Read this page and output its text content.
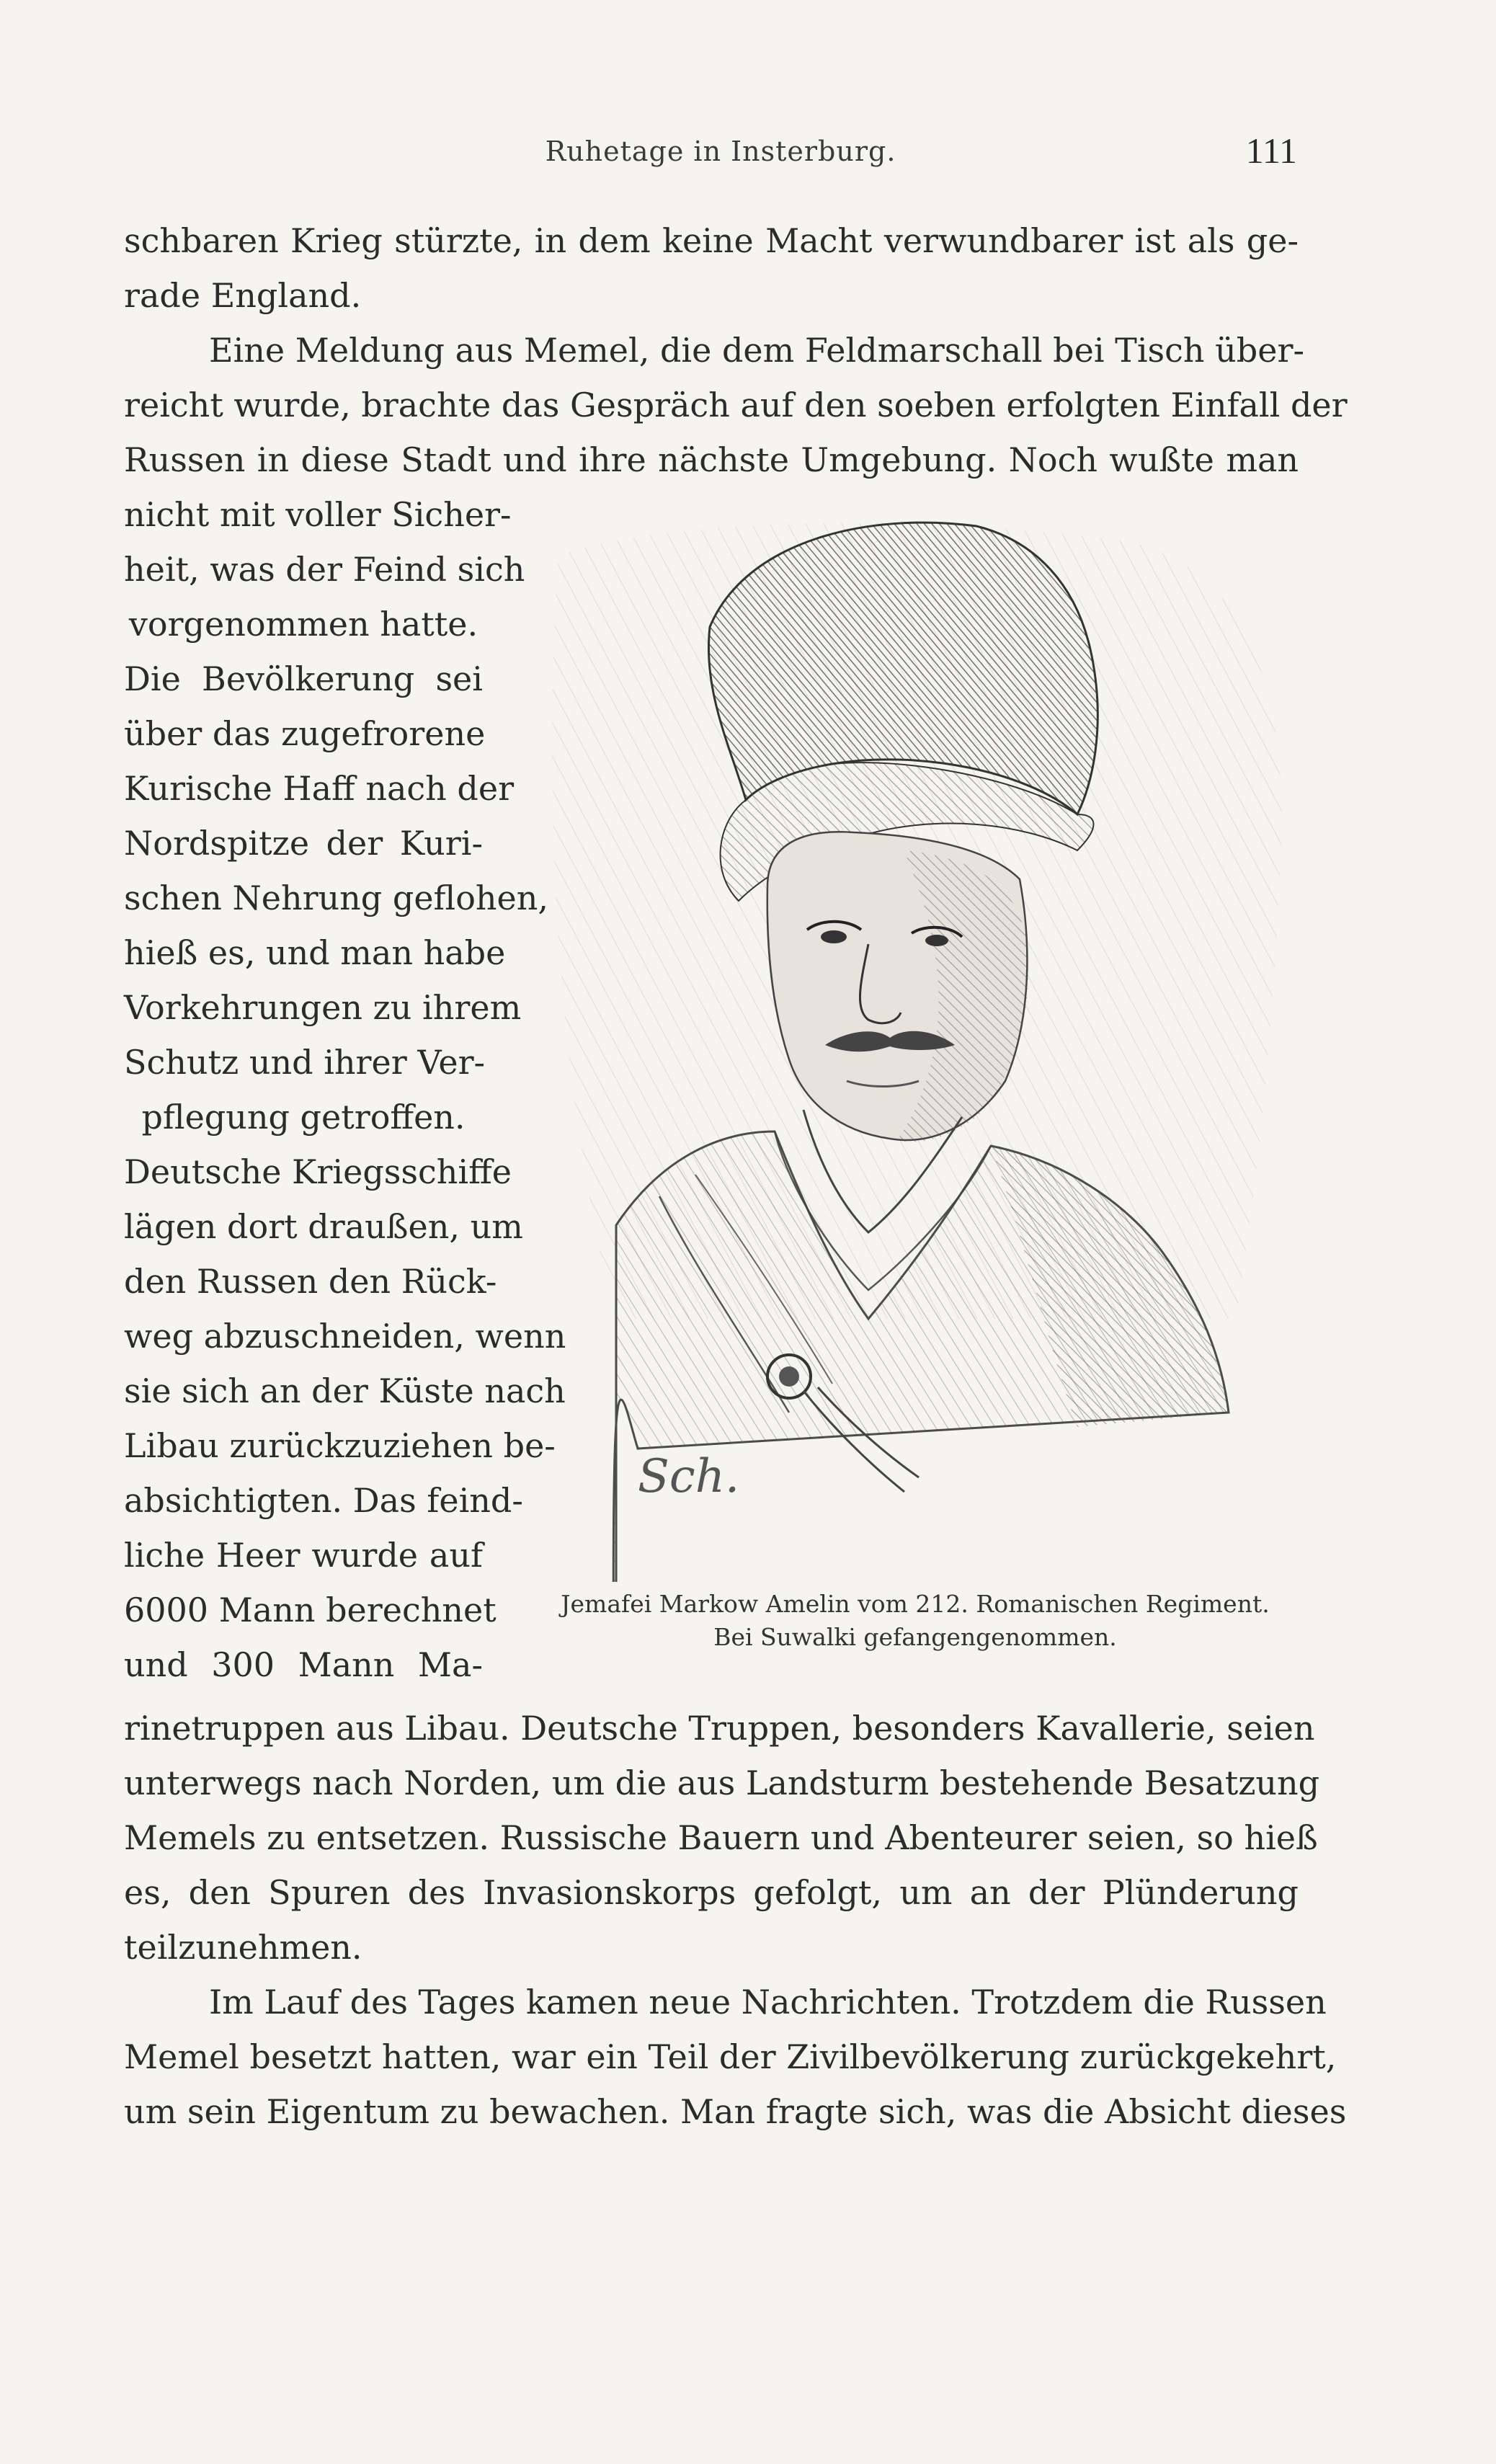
Ruhetage in Insterburg.	111
schbaren Krieg stürzte, in dem keine Macht verwundbarer ist als ge-
rade England.
Eine Meldung aus Memel, die dem Feldmarschall bei Tisch über-
reicht wurde, brachte das Gespräch auf den soeben erfolgten Einfall der
Russen in diese Stadt und ihre nächste Umgebung. Noch wußte man
nicht mit voller Sicher-
heit, was der Feind sich
vorgenommen hatte.
Die Bevölkerung sei
über das zugefrorene
Kurische Haff nach der
Nordspitze der Kuri-
schen Nehrung geflohen,
hieß es, und man habe
Vorkehrungen zu ihrem
Schutz und ihrer Ver-
pflegung getroffen.
Deutsche Kriegsschiffe
lägen dort draußen, um
den Russen den Rück-
weg abzuschneiden, wenn
sie sich an der Küste nach
Libau zurückzuziehen be-
absichtigten. Das feind-
liche Heer wurde auf
6000 Mann berechnet
und 300 Mann Ma-
Sch.
Jemafei Markow Amelin vom 212. Romanischen Regiment.
Bei Suwalki gefangengenommen.
rinetruppen aus Libau. Deutsche Truppen, besonders Kavallerie, seien
unterwegs nach Norden, um die aus Landsturm bestehende Besatzung
Memels zu entsetzen. Russische Bauern und Abenteurer seien, so hieß
es, den Spuren des Invasionskorps gefolgt, um an der Plünderung
teilzunehmen.
Im Lauf des Tages kamen neue Nachrichten. Trotzdem die Russen
Memel besetzt hatten, war ein Teil der Zivilbevölkerung zurückgekehrt,
um sein Eigentum zu bewachen. Man fragte sich, was die Absicht dieses
